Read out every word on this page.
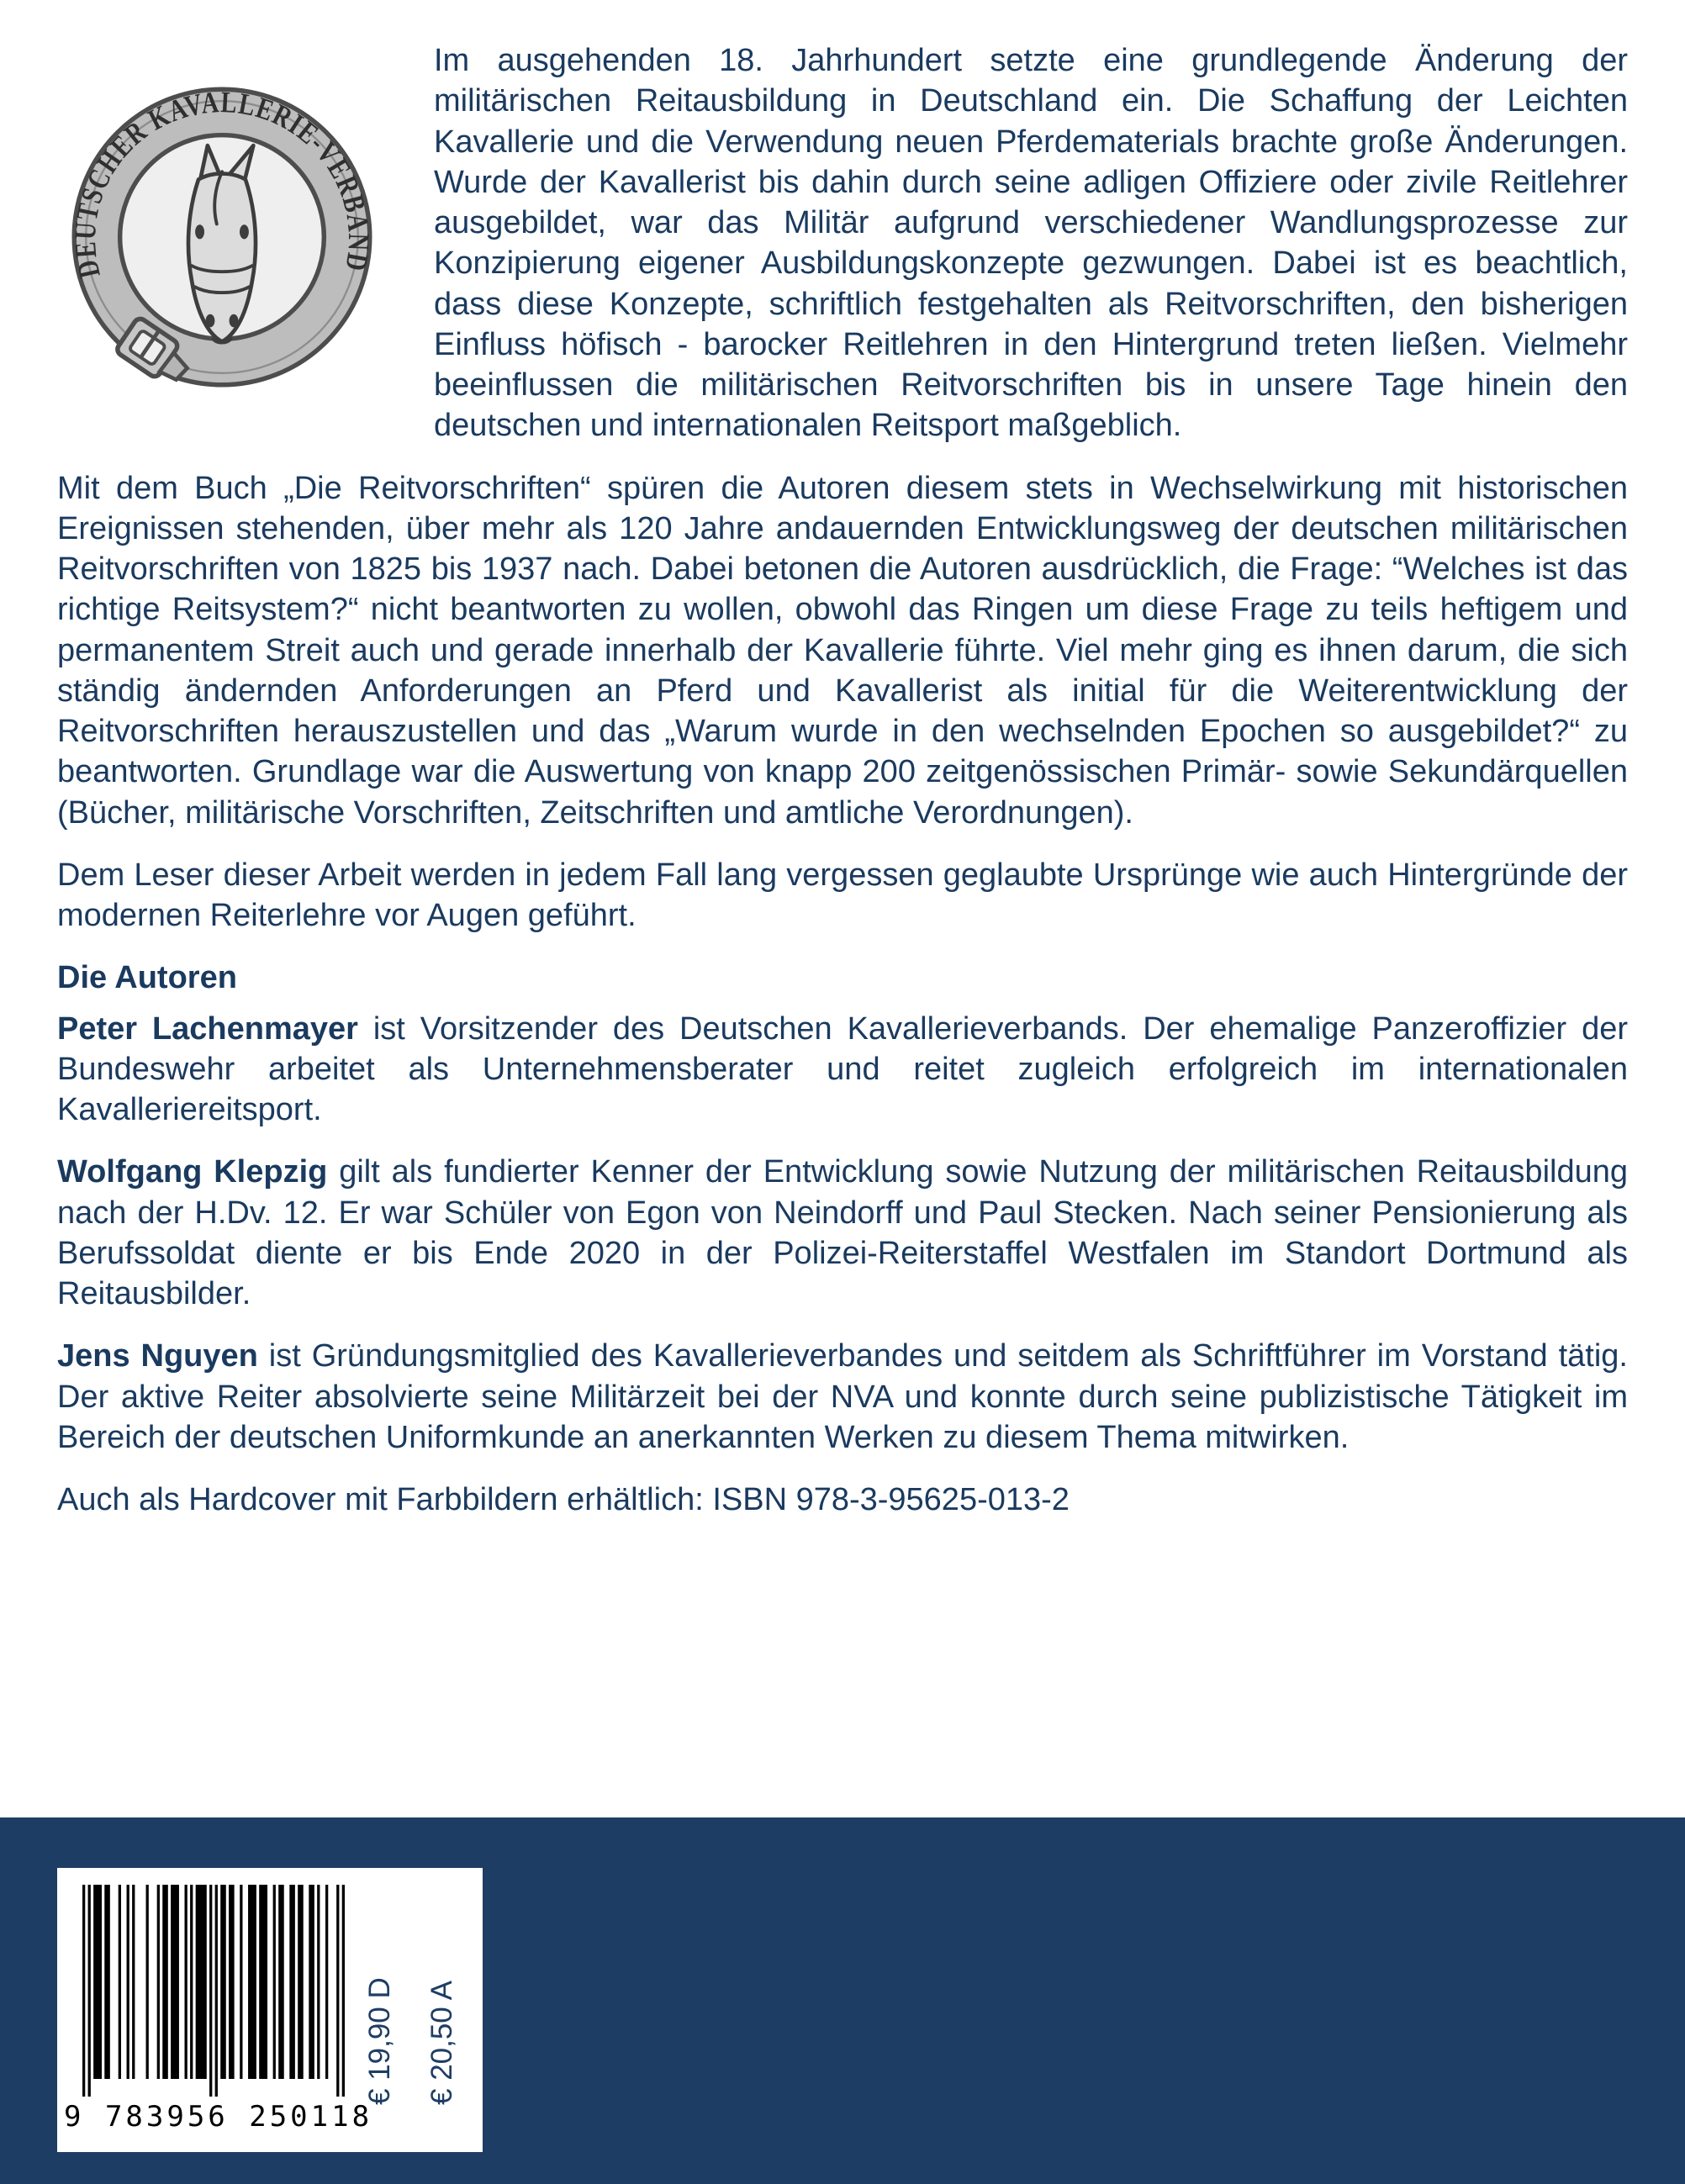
DEUTSCHER KAVALLERIE-VERBAND

Im ausgehenden 18. Jahrhundert setzte eine grundlegende Änderung der militärischen Reitausbildung in Deutschland ein. Die Schaffung der Leichten Kavallerie und die Verwendung neuen Pferdematerials brachte große Änderungen. Wurde der Kavallerist bis dahin durch seine adligen Offiziere oder zivile Reitlehrer ausgebildet, war das Militär aufgrund verschiedener Wandlungsprozesse zur Konzipierung eigener Ausbildungskonzepte gezwungen. Dabei ist es beachtlich, dass diese Konzepte, schriftlich festgehalten als Reitvorschriften, den bisherigen Einfluss höfisch - barocker Reitlehren in den Hintergrund treten ließen. Vielmehr beeinflussen die militärischen Reitvorschriften bis in unsere Tage hinein den deutschen und internationalen Reitsport maßgeblich.

Mit dem Buch „Die Reitvorschriften“ spüren die Autoren diesem stets in Wechselwirkung mit historischen Ereignissen stehenden, über mehr als 120 Jahre andauernden Entwicklungsweg der deutschen militärischen Reitvorschriften von 1825 bis 1937 nach. Dabei betonen die Autoren ausdrücklich, die Frage: “Welches ist das richtige Reitsystem?“ nicht beantworten zu wollen, obwohl das Ringen um diese Frage zu teils heftigem und permanentem Streit auch und gerade innerhalb der Kavallerie führte. Viel mehr ging es ihnen darum, die sich ständig ändernden Anforderungen an Pferd und Kavallerist als initial für die Weiterentwicklung der Reitvorschriften herauszustellen und das „Warum wurde in den wechselnden Epochen so ausgebildet?“ zu beantworten. Grundlage war die Auswertung von knapp 200 zeitgenössischen Primär- sowie Sekundärquellen (Bücher, militärische Vorschriften, Zeitschriften und amtliche Verordnungen).

Dem Leser dieser Arbeit werden in jedem Fall lang vergessen geglaubte Ursprünge wie auch Hintergründe der modernen Reiterlehre vor Augen geführt.

Die Autoren

Peter Lachenmayer ist Vorsitzender des Deutschen Kavallerieverbands. Der ehemalige Panzeroffizier der Bundeswehr arbeitet als Unternehmensberater und reitet zugleich erfolgreich im internationalen Kavalleriereitsport.

Wolfgang Klepzig gilt als fundierter Kenner der Entwicklung sowie Nutzung der militärischen Reitausbildung nach der H.Dv. 12. Er war Schüler von Egon von Neindorff und Paul Stecken. Nach seiner Pensionierung als Berufssoldat diente er bis Ende 2020 in der Polizei-Reiterstaffel Westfalen im Standort Dortmund als Reitausbilder.

Jens Nguyen ist Gründungsmitglied des Kavallerieverbandes und seitdem als Schriftführer im Vorstand tätig. Der aktive Reiter absolvierte seine Militärzeit bei der NVA und konnte durch seine publizistische Tätigkeit im Bereich der deutschen Uniformkunde an anerkannten Werken zu diesem Thema mitwirken.

Auch als Hardcover mit Farbbildern erhältlich: ISBN 978-3-95625-013-2

9 783956 250118
€ 19,90 D € 20,50 A
